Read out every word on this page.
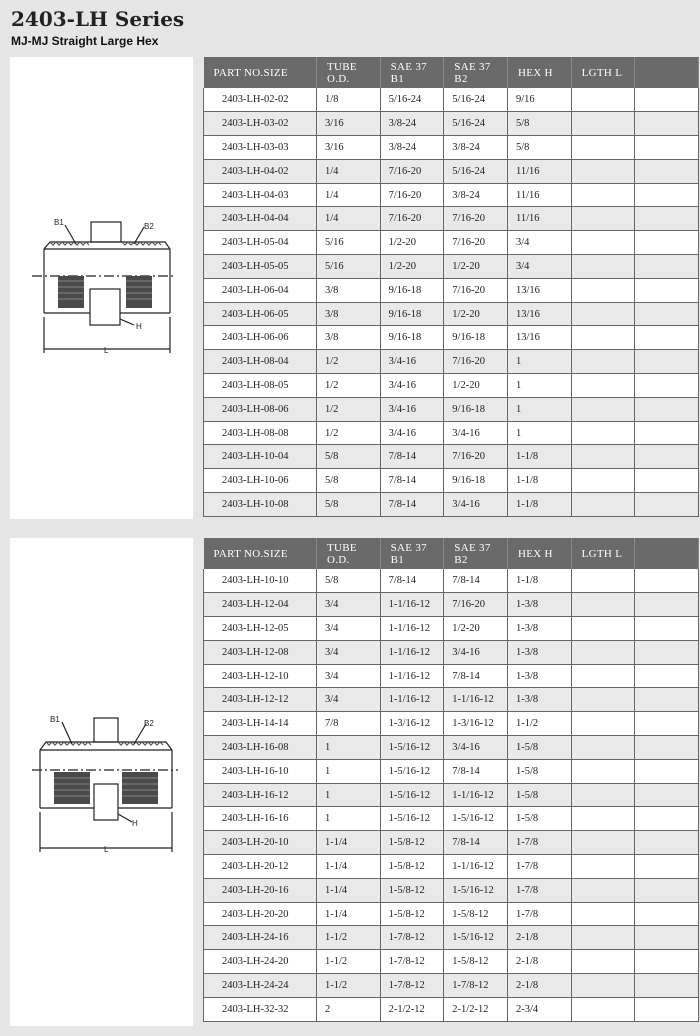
2403-LH Series
MJ-MJ Straight Large Hex
B1	B2
H
L
PART NO.SIZE	TUBE O.D.	SAE 37 B1	SAE 37 B2	HEX H	LGTH L	
2403-LH-02-02	1/8	5/16-24	5/16-24	9/16		
2403-LH-03-02	3/16	3/8-24	5/16-24	5/8		
2403-LH-03-03	3/16	3/8-24	3/8-24	5/8		
2403-LH-04-02	1/4	7/16-20	5/16-24	11/16		
2403-LH-04-03	1/4	7/16-20	3/8-24	11/16		
2403-LH-04-04	1/4	7/16-20	7/16-20	11/16		
2403-LH-05-04	5/16	1/2-20	7/16-20	3/4		
2403-LH-05-05	5/16	1/2-20	1/2-20	3/4		
2403-LH-06-04	3/8	9/16-18	7/16-20	13/16		
2403-LH-06-05	3/8	9/16-18	1/2-20	13/16		
2403-LH-06-06	3/8	9/16-18	9/16-18	13/16		
2403-LH-08-04	1/2	3/4-16	7/16-20	1		
2403-LH-08-05	1/2	3/4-16	1/2-20	1		
2403-LH-08-06	1/2	3/4-16	9/16-18	1		
2403-LH-08-08	1/2	3/4-16	3/4-16	1		
2403-LH-10-04	5/8	7/8-14	7/16-20	1-1/8		
2403-LH-10-06	5/8	7/8-14	9/16-18	1-1/8		
2403-LH-10-08	5/8	7/8-14	3/4-16	1-1/8		
B1	B2
H
L
PART NO.SIZE	TUBE O.D.	SAE 37 B1	SAE 37 B2	HEX H	LGTH L	
2403-LH-10-10	5/8	7/8-14	7/8-14	1-1/8		
2403-LH-12-04	3/4	1-1/16-12	7/16-20	1-3/8		
2403-LH-12-05	3/4	1-1/16-12	1/2-20	1-3/8		
2403-LH-12-08	3/4	1-1/16-12	3/4-16	1-3/8		
2403-LH-12-10	3/4	1-1/16-12	7/8-14	1-3/8		
2403-LH-12-12	3/4	1-1/16-12	1-1/16-12	1-3/8		
2403-LH-14-14	7/8	1-3/16-12	1-3/16-12	1-1/2		
2403-LH-16-08	1	1-5/16-12	3/4-16	1-5/8		
2403-LH-16-10	1	1-5/16-12	7/8-14	1-5/8		
2403-LH-16-12	1	1-5/16-12	1-1/16-12	1-5/8		
2403-LH-16-16	1	1-5/16-12	1-5/16-12	1-5/8		
2403-LH-20-10	1-1/4	1-5/8-12	7/8-14	1-7/8		
2403-LH-20-12	1-1/4	1-5/8-12	1-1/16-12	1-7/8		
2403-LH-20-16	1-1/4	1-5/8-12	1-5/16-12	1-7/8		
2403-LH-20-20	1-1/4	1-5/8-12	1-5/8-12	1-7/8		
2403-LH-24-16	1-1/2	1-7/8-12	1-5/16-12	2-1/8		
2403-LH-24-20	1-1/2	1-7/8-12	1-5/8-12	2-1/8		
2403-LH-24-24	1-1/2	1-7/8-12	1-7/8-12	2-1/8		
2403-LH-32-32	2	2-1/2-12	2-1/2-12	2-3/4		
